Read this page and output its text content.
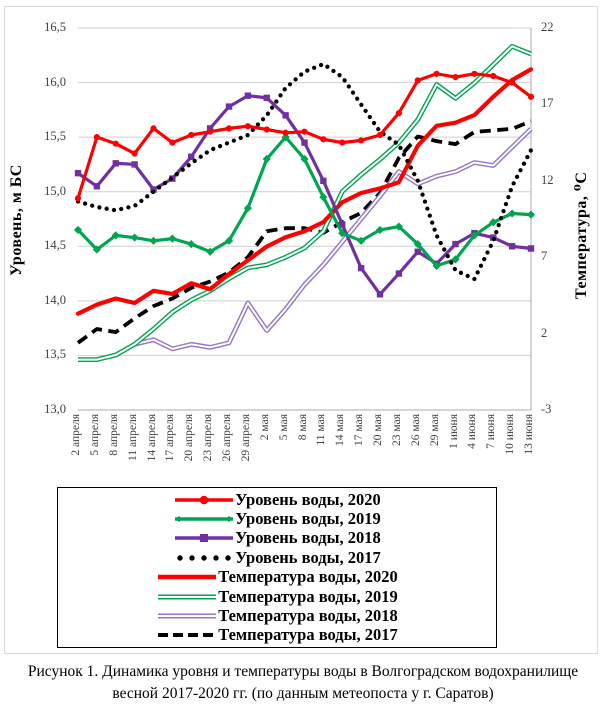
Уровень, м БС	Температура, ⁰С
16,5
16,0
15,5
15,0
14,5
14,0
13,5
13,0
22
17
12
7
2
-3
2 апреля 5 апреля 8 апреля 11 апреля 14 апреля 17 апреля 20 апреля 23 апреля 26 апреля 29 апреля 2 мая 5 мая 8 мая 11 мая 14 мая 17 мая 20 мая 23 мая 26 мая 29 мая 1 июня 4 июня 7 июня 10 июня 13 июня
Уровень воды, 2020
Уровень воды, 2019
Уровень воды, 2018
Уровень воды, 2017
Температура воды, 2020
Температура воды, 2019
Температура воды, 2018
Температура воды, 2017
Рисунок 1. Динамика уровня и температуры воды в Волгоградском водохранилище
весной 2017-2020 гг. (по данным метеопоста у г. Саратов)
